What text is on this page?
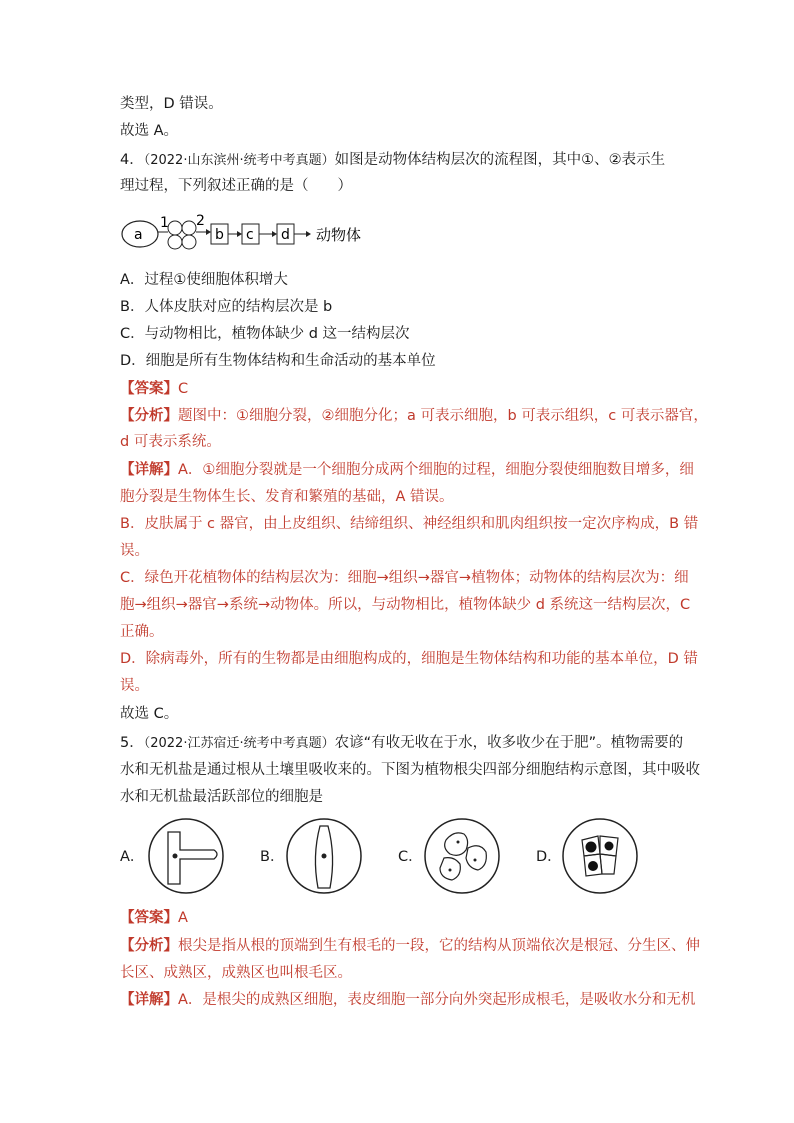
类型，D 错误。
故选 A。
4．（2022·山东滨州·统考中考真题）如图是动物体结构层次的流程图，其中①、②表示生
理过程，下列叙述正确的是（　　）
a
1 2
b c d 动物体
A．过程①使细胞体积增大
B．人体皮肤对应的结构层次是 b
C．与动物相比，植物体缺少 d 这一结构层次
D．细胞是所有生物体结构和生命活动的基本单位
【答案】C
【分析】题图中：①细胞分裂，②细胞分化；a 可表示细胞，b 可表示组织，c 可表示器官，
d 可表示系统。
【详解】A．①细胞分裂就是一个细胞分成两个细胞的过程，细胞分裂使细胞数目增多，细
胞分裂是生物体生长、发育和繁殖的基础，A 错误。
B．皮肤属于 c 器官，由上皮组织、结缔组织、神经组织和肌肉组织按一定次序构成，B 错
误。
C．绿色开花植物体的结构层次为：细胞→组织→器官→植物体；动物体的结构层次为：细
胞→组织→器官→系统→动物体。所以，与动物相比，植物体缺少 d 系统这一结构层次，C
正确。
D．除病毒外，所有的生物都是由细胞构成的，细胞是生物体结构和功能的基本单位，D 错
误。
故选 C。
5．（2022·江苏宿迁·统考中考真题）农谚“有收无收在于水，收多收少在于肥”。植物需要的
水和无机盐是通过根从土壤里吸收来的。下图为植物根尖四部分细胞结构示意图，其中吸收
水和无机盐最活跃部位的细胞是
A．	B．	C．	D．
【答案】A
【分析】根尖是指从根的顶端到生有根毛的一段，它的结构从顶端依次是根冠、分生区、伸
长区、成熟区，成熟区也叫根毛区。
【详解】A．是根尖的成熟区细胞，表皮细胞一部分向外突起形成根毛，是吸收水分和无机
